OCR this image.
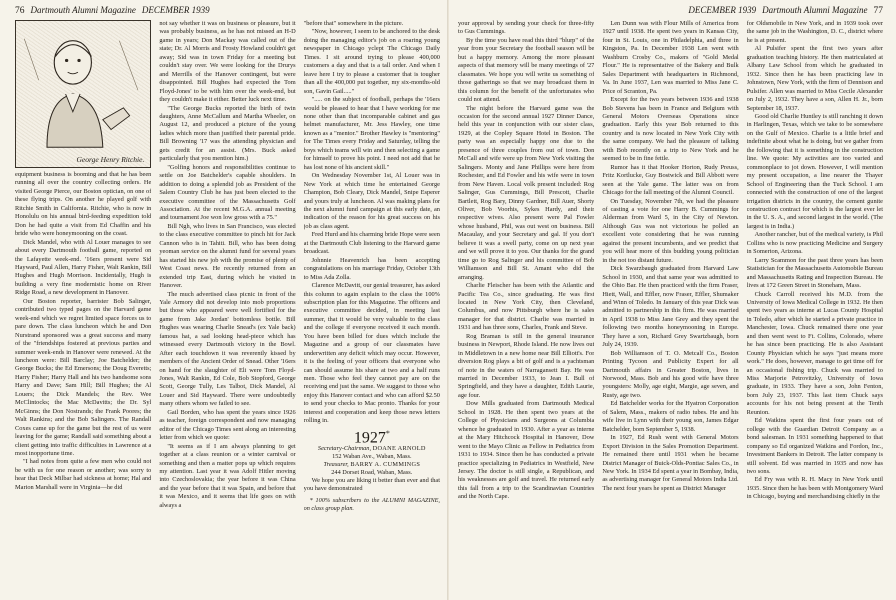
76 Dartmouth Alumni Magazine DECEMBER 1939
George Henry Ritchie.

equipment business is booming and that he has been running all over the country collecting orders. He visited George Pierce, our Boston optician, on one of these flying trips. On another he played golf with Ritchie Smith in California. Ritchie, who is now in Honolulu on his annual bird-feeding expedition told Don he had quite a visit from Ed Chaffin and his bride who were honeymooning on the coast.

Dick Mandel, who with Al Louer manages to see about every Dartmouth football game, reported on the Lafayette week-end. '16ers present were Sid Hayward, Paul Allen, Harry Fisher, Walt Rankin, Bill Hughes and Hugh Morrison. Incidentally, Hugh is building a very fine modernistic home on River Ridge Road, a new development in Hanover.

Our Boston reporter, barrister Bob Salinger, contributed two typed pages on the Harvard game week-end which we regret limited space forces us to pare down. The class luncheon which he and Don Nurstrand sponsored was a great success and many of the "friendships fostered at previous parties and summer week-ends in Hanover were renewed. At the luncheon were: Bill Barclay; Joe Batchelder; the George Bucks; the Ed Emersons; the Doug Everetts; Harry Fisher; Harry Hall and his two handsome sons Harry and Dave; Sam Hill; Bill Hughes; the Al Louers; the Dick Mandels; the Rev. Wee McClintocks; the Mac McDavitts; the Dr. Syl McGinns; the Don Nostrands; the Frank Poores; the Walt Rankins; and the Bob Salingers. The Randall Coxes came up for the game but the rest of us were leaving for the game; Randall said something about a client getting into traffic difficulties in Lawrence at a most inopportune time.

"I had notes from quite a few men who could not be with us for one reason or another; was sorry to hear that Deck Milbar had sickness at home; Hal and Marion Marshall were in Virginia—he did

not say whether it was on business or pleasure, but it was probably business, as he has not missed an H-D game in years; Don Mackay was called out of the state; Dr. Al Morris and Frosty Howland couldn't get away; Sid was in town Friday for a meeting but couldn't stay over. We were looking for the Drurys and Merrills of the Hanover contingent, but were disappointed. Bill Hughes had expected the Tom Floyd-Jones' to be with him over the week-end, but they couldn't make it either. Better luck next time.

"The George Bucks reported the birth of twin daughters, Anne McCallum and Martha Wheeler, on August 12, and produced a picture of the young ladies which more than justified their parental pride. Bill Browning '17 was the attending physician and gets credit for an assist. (Mrs. Buck asked particularly that you mention him.)

"Golfing honors and responsibilities continue to settle on Joe Batchelder's capable shoulders. In addition to doing a splendid job as President of the Salem Country Club he has just been elected to the executive committee of the Massachusetts Golf Association. At the recent M.G.A. annual meeting and tournament Joe won low gross with a 75."

Bill Ngh, who lives in San Francisco, was elected to the class executive committee to pinch hit for Jack Cannon who is in Tahiti. Bill, who has been doing yeoman service on the alumni fund for several years has started his new job with the promise of plenty of West Coast news. He recently returned from an extended trip East, during which he visited in Hanover.

The much advertised class picnic in front of the Yale Armory did not develop into mob proportions but those who appeared were well fortified for the game from Jake Jordan' bottomless bottle. Bill Hughes was wearing Charlie Snead's (ex Yale back) famous hat, a sad looking head-piece which has witnessed every Dartmouth victory in the Bowl. After each touchdown it was reverently kissed by members of the Ancient Order of Snead. Other '16ers on hand for the slaughter of Eli were Tom Floyd-Jones, Walt Rankin, Ed Cole, Bob Stopford, George Scott, George Tully, Les Talbot, Dick Mandel, Al Louer and Sid Hayward. There were undoubtedly many others whom we failed to see.

Gail Borden, who has spent the years since 1926 as teacher, foreign correspondent and now managing editor of the Chicago Times sent along an interesting letter from which we quote:

"It seems as if I am always planning to get together at a class reunion or a winter carnival or something and then a matter pops up which requires my attention. Last year it was Adolf Hitler moving into Czechoslovakia; the year before it was China and the year before that it was Spain, and before that it was Mexico, and it seems that life goes on with always a

"before that" somewhere in the picture.

"Now, however, I seem to be anchored to the desk doing the managing editor's job on a roaring young newspaper in Chicago yclept The Chicago Daily Times. I sit around trying to please 400,000 customers a day and that is a tall order. And when I leave here I try to please a customer that is tougher than all the 400,000 put together, my six-months-old son, Gavin Gail....."

"..... on the subject of football, perhaps the '16ers would be pleased to hear that I have working for me none other than that incomparable cabinet and gas helmet manufacturer, Mr. Jess Hawley, one time known as a "mentor." Brother Hawley is "mentoring" for The Times every Friday and Saturday, telling the boys which teams will win and then selecting a game for himself to prove his point. I need not add that he has lost none of his ancient skill."

On Wednesday November 1st, Al Louer was in New York at which time he entertained George Champion, Bob Cleary, Dick Mandel, Snipe Esperer and yours truly at luncheon. Al was making plans for the next alumni fund campaign at this early date, an indication of the reason for his great success on his job as class agent.

Fred Hurd and his charming bride Hope were seen at the Dartmouth Club listening to the Harvard game broadcast.

Johnnie Heavenrich has been accepting congratulations on his marriage Friday, October 13th to Miss Ada Zolla.

Clarence McDavitt, our genial treasurer, has asked this column to again explain to the class the 100% subscription plan for this Magazine. The officers and executive committee decided, in meeting last summer, that it would be very valuable to the class and the college if everyone received it each month. You have been billed for dues which include the Magazine and a group of our classmates have underwritten any deficit which may occur. However, it is the feeling of your officers that everyone who can should assume his share at two and a half runs men. Those who feel they cannot pay are on the receiving end just the same. We suggest to those who enjoy this Hanover contact and who can afford $2.50 to send your checks to Mac pronto. Thanks for your interest and cooperation and keep those news letters rolling in.

1927*
Secretary-Chairman, DOANE ARNOLD
152 Waban Ave., Waban, Mass.
Treasurer, BARRY A. CUMMINGS
244 Dorset Road, Waban, Mass.

We hope you are liking it better than ever and that you have demonstrated

* 100% subscribers to the ALUMNI MAGAZINE, on class group plan.
DECEMBER 1939 Dartmouth Alumni Magazine 77

your approval by sending your check for three-fifty to Gus Cummings.

By the time you have read this third "blurp" of the year from your Secretary the football season will be but a happy memory. Among the more pleasant aspects of that memory will be many meetings of '27 classmates. We hope you will write us something of those gatherings so that we may broadcast them in this column for the benefit of the unfortunates who could not attend.

The night before the Harvard game was the occasion for the second annual 1927 Dinner Dance, held this year in conjunction with our sister class, 1929, at the Copley Square Hotel in Boston. The party was an especially happy one due to the presence of three couples from out of town. Don McCall and wife were up from New York visiting the Salingers. Monty and Jane Phillips were here from Rochester, and Ed Fowler and his wife were in town from New Haven. Local volk present included: Rog Salinger, Gus Cummings, Bill Prescott, Charlie Bartlett, Rog Bary, Dinny Gardner, Bill Auer, Shorty Oliver, Bob Voorhis, Sykes Hardy, and their respective wives. Also present were Pal Fowler whose husband, Phil, was out west on business. Bill Macaulay, and your Secretary and gal. If you don't believe it was a swell party, come on up next year and we will prove it to you. Our thanks for the grand time go to Rog Salinger and his committee of Bob Williamson and Bill St. Amant who did the arranging.

Charlie Fleischer has been with the Atlantic and Pacific Tea Co., since graduating. He was first located in New York City, then Cleveland, Columbus, and now Pittsburgh where he is sales manager for that district. Charlie was married in 1931 and has three sons, Charles, Frank and Steve.

Rog Braman is still in the general insurance business in Newport, Rhode Island. He now lives out in Middletown in a new home near Bill Elliott's. For diversion Rog plays a bit of golf and is a yachtsman of note in the waters of Narragansett Bay. He was married in December 1933, to Jean I. Bull of Springfield, and they have a daughter, Edith Laurie, age four.

Dow Mills graduated from Dartmouth Medical School in 1928. He then spent two years at the College of Physicians and Surgeons at Columbia whence he graduated in 1930. After a year as interne at the Mary Hitchcock Hospital in Hanover, Dow went to the Mayo Clinic as Fellow in Pediatrics from 1931 to 1934. Since then he has conducted a private practice specializing in Pediatrics in Westfield, New Jersey. The doctor is still single, a Republican, and his weaknesses are golf and travel. He returned early this fall from a trip to the Scandinavian Countries and the North Cape.

Len Dunn was with Flour Mills of America from 1927 until 1938. He spent two years in Kansas City, four in St. Louis, one in Philadelphia, and three in Kingston, Pa. In December 1938 Len went with Washburn Crosby Co., makers of "Gold Medal Flour." He is representative of the Bakery and Bulk Sales Department with headquarters in Richmond, Va. In June 1937, Len was married to Miss Jane C. Price of Scranton, Pa.

Except for the two years between 1936 and 1938 Bob Stevens has been in France and Belgium with General Motors Overseas Operations since graduation. Early this year Bob returned to this country and is now located in New York City with the same company. We had the pleasure of talking with Bob recently on a trip to New York and he seemed to be in fine fettle.

Rumor has it that Hooker Horton, Rudy Preuss, Fritz Kortlucke, Guy Bostwick and Bill Abbott were seen at the Yale game. The latter was on from Chicago for the fall meeting of the Alumni Council.

On Tuesday, November 7th, we had the pleasure of casting a vote for one Harry B. Cummings for Alderman from Ward 5, in the City of Newton. Although Gus was not victorious he polled an excellent vote considering that he was running against the present incumbents, and we predict that you will hear more of this budding young politician in the not too distant future.

Dick Swarzbaugh graduated from Harvard Law School in 1930, and that same year was admitted to the Ohio Bar. He then practiced with the firm Fraser, Hiett, Wall, and Effler, now Fraser, Effler, Shumaker and Winn of Toledo. In January of this year Dick was admitted to partnership in this firm. He was married in April 1938 to Miss Jane Grey and they spent the following two months honeymooning in Europe. They have a son, Richard Grey Swartzbaugh, born July 24, 1939.

Bob Williamson of T. O. Metcalf Co., Boston Printing Tycoon and Publicity Expert for all Dartmouth affairs in Greater Boston, lives in Norwood, Mass. Bob and his good wife have three youngsters: Molly, age eight, Margie, age seven, and Rusty, age two.

Ed Batchelder works for the Hyatron Corporation of Salem, Mass., makers of radio tubes. He and his wife live in Lynn with their young son, James Edgar Batchelder, born September 5, 1938.

In 1927, Ed Rush went with General Motors Export Division in the Sales Promotion Department. He remained there until 1931 when he became District Manager of Buick-Olds-Pontiac Sales Co., in New York. In 1934 Ed spent a year in Bombay, India, as advertising manager for General Motors India Ltd. The next four years he spent as District Manager

for Oldsmobile in New York, and in 1939 took over the same job in the Washington, D. C., district where he is at present.

Al Pulsifer spent the first two years after graduation teaching history. He then matriculated at Albany Law School from which he graduated in 1932. Since then he has been practicing law in Johnstown, New York, with the firm of Dennison and Pulsifer. Allen was married to Miss Cecile Alexander on July 2, 1932. They have a son, Allen H. Jr., born September 18, 1937.

Good old Charlie Huntley is still ranching it down in Harlingen, Texas, which we take to be somewhere on the Gulf of Mexico. Charlie is a little brief and indefinite about what he is doing, but we gather from the following that it is something in the construction line. We quote: My activities are too varied and commonplace to jot down. However, I will mention my present occupation, a line nearer the Thayer School of Engineering than the Tuck School. I am connected with the construction of one of the largest irrigation districts in the country, the cement gunite construction contract for which is the largest ever let in the U. S. A., and second largest in the world. (The largest is in India.)

Another rancher, but of the medical variety, is Phil Collins who is now practicing Medicine and Surgery in Somerton, Arizona.

Larry Scammon for the past three years has been Statistician for the Massachusetts Automobile Bureau and Massachusetts Rating and Inspection Bureau. He lives at 172 Green Street in Stoneham, Mass.

Chuck Carroll received his M.D. from the University of Iowa Medical College in 1932. He then spent two years as interne at Lucas County Hospital in Toledo, after which he started a private practice in Manchester, Iowa. Chuck remained there one year and then went west to Ft. Collins, Colorado, where he has since been practicing. He is also Assistant County Physician which he says "just means more work." He does, however, manage to get time off for an occasional fishing trip. Chuck was married to Miss Marjorie Petrovitzky, University of Iowa graduate, in 1933. They have a son, John Fenton, born July 23, 1937. This last item Chuck says accounts for his not being present at the Tenth Reunion.

Ed Watkins spent the first four years out of college with the Guardian Detroit Company as a bond salesman. In 1931 something happened to that company so Ed organized Watkins and Fordon, Inc., Investment Bankers in Detroit. The latter company is still solvent. Ed was married in 1935 and now has two sons.

Ed Fry was with R. H. Macy in New York until 1935. Since then he has been with Montgomery Ward in Chicago, buying and merchandising chiefly in the
